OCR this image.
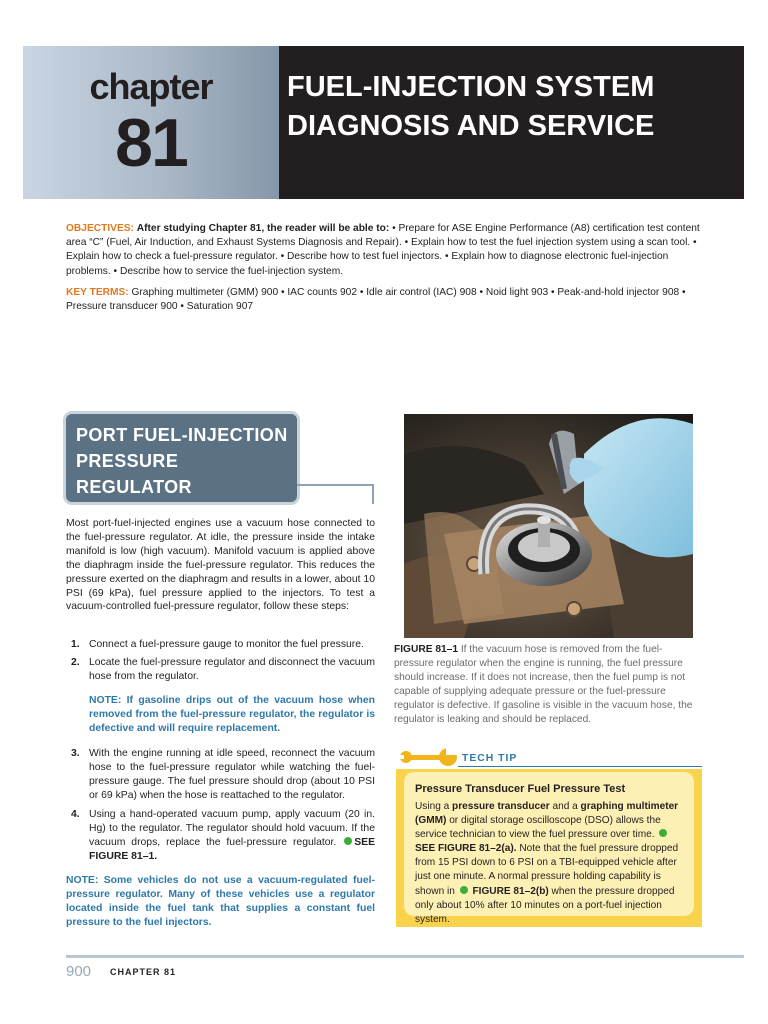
chapter
81
FUEL-INJECTION SYSTEM
DIAGNOSIS AND SERVICE
OBJECTIVES: After studying Chapter 81, the reader will be able to: • Prepare for ASE Engine Performance (A8) certification test content area “C” (Fuel, Air Induction, and Exhaust Systems Diagnosis and Repair). • Explain how to test the fuel injection system using a scan tool. • Explain how to check a fuel-pressure regulator. • Describe how to test fuel injectors. • Explain how to diagnose electronic fuel-injection problems. • Describe how to service the fuel-injection system.
KEY TERMS: Graphing multimeter (GMM) 900 • IAC counts 902 • Idle air control (IAC) 908 • Noid light 903 • Peak-and-hold injector 908 • Pressure transducer 900 • Saturation 907
PORT FUEL-INJECTION
PRESSURE REGULATOR
DIAGNOSIS
Most port-fuel-injected engines use a vacuum hose connected to the fuel-pressure regulator. At idle, the pressure inside the intake manifold is low (high vacuum). Manifold vacuum is applied above the diaphragm inside the fuel-pressure regulator. This reduces the pressure exerted on the diaphragm and results in a lower, about 10 PSI (69 kPa), fuel pressure applied to the injectors. To test a vacuum-controlled fuel-pressure regulator, follow these steps:
1. Connect a fuel-pressure gauge to monitor the fuel pressure.
2. Locate the fuel-pressure regulator and disconnect the vacuum hose from the regulator.
NOTE: If gasoline drips out of the vacuum hose when removed from the fuel-pressure regulator, the regulator is defective and will require replacement.
3. With the engine running at idle speed, reconnect the vacuum hose to the fuel-pressure regulator while watching the fuel-pressure gauge. The fuel pressure should drop (about 10 PSI or 69 kPa) when the hose is reattached to the regulator.
4. Using a hand-operated vacuum pump, apply vacuum (20 in. Hg) to the regulator. The regulator should hold vacuum. If the vacuum drops, replace the fuel-pressure regulator. SEE FIGURE 81–1.
NOTE: Some vehicles do not use a vacuum-regulated fuel-pressure regulator. Many of these vehicles use a regulator located inside the fuel tank that supplies a constant fuel pressure to the fuel injectors.
FIGURE 81–1 If the vacuum hose is removed from the fuel-pressure regulator when the engine is running, the fuel pressure should increase. If it does not increase, then the fuel pump is not capable of supplying adequate pressure or the fuel-pressure regulator is defective. If gasoline is visible in the vacuum hose, the regulator is leaking and should be replaced.
TECH TIP
Pressure Transducer Fuel Pressure Test
Using a pressure transducer and a graphing multimeter (GMM) or digital storage oscilloscope (DSO) allows the service technician to view the fuel pressure over time. SEE FIGURE 81–2(a). Note that the fuel pressure dropped from 15 PSI down to 6 PSI on a TBI-equipped vehicle after just one minute. A normal pressure holding capability is shown in  FIGURE 81–2(b) when the pressure dropped only about 10% after 10 minutes on a port-fuel injection system.
900 CHAPTER 81
